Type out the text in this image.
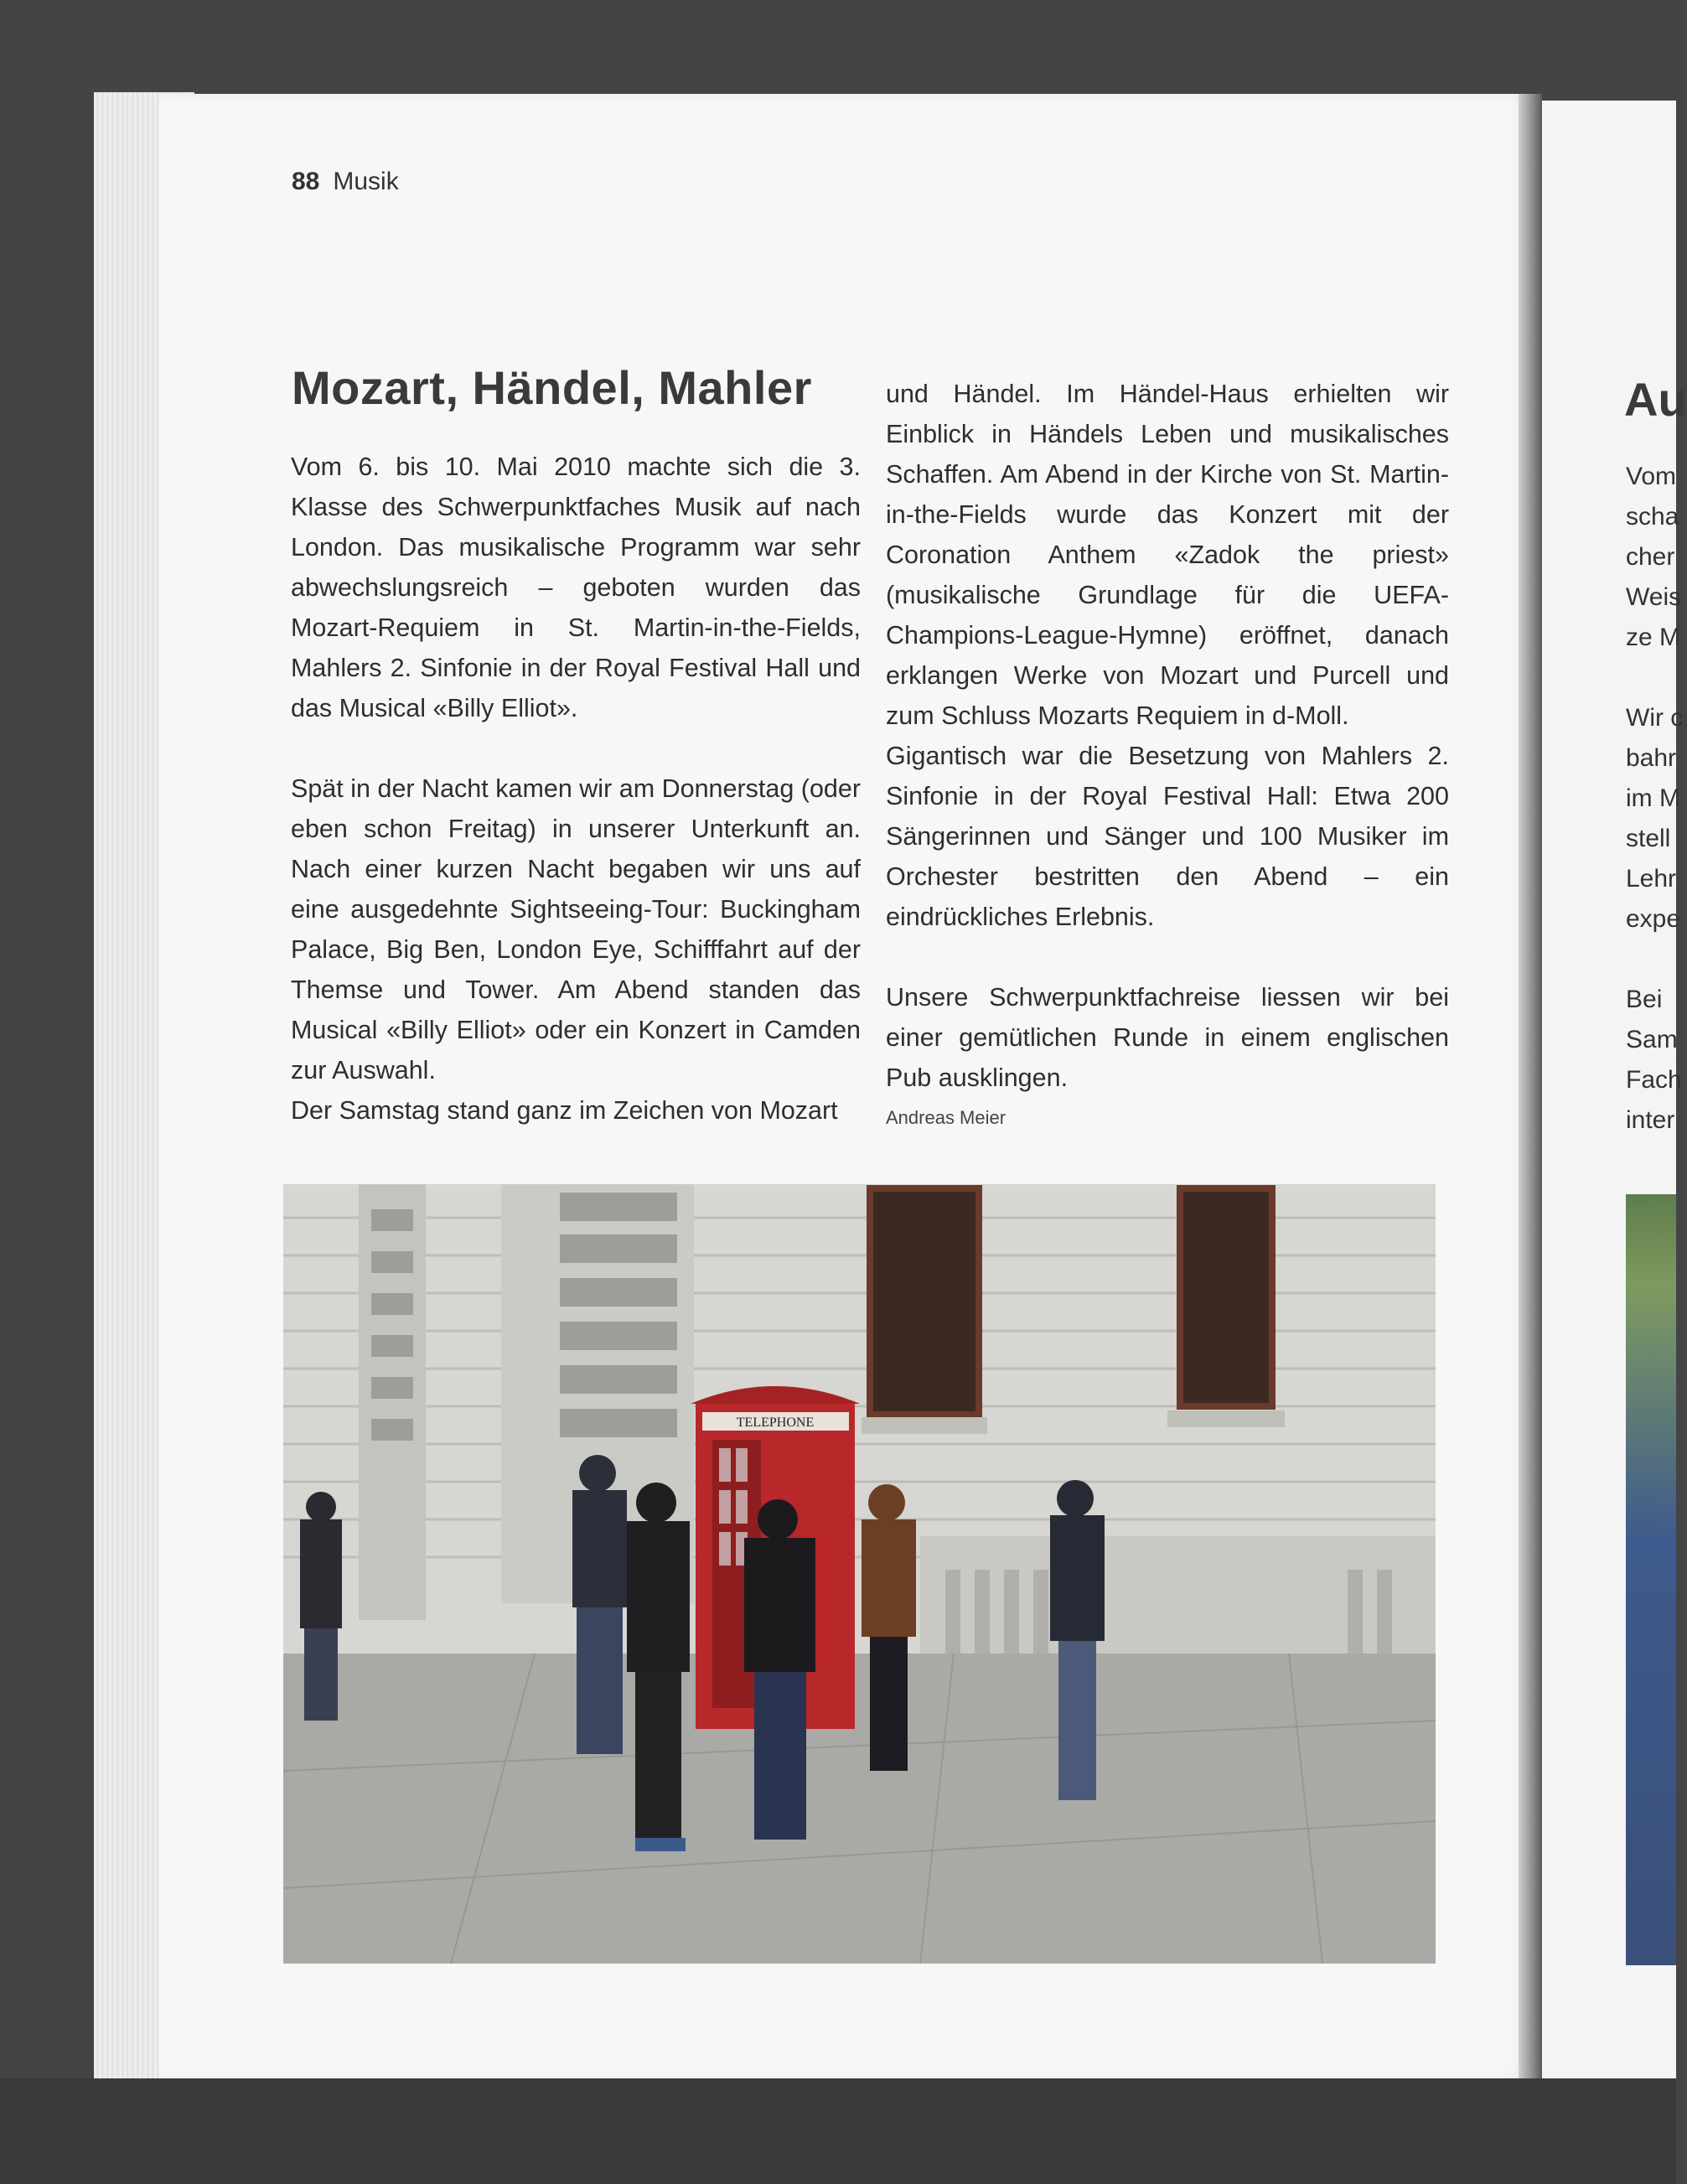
88 Musik
Mozart, Händel, Mahler

Vom 6. bis 10. Mai 2010 machte sich die 3. Klasse des Schwerpunktfaches Musik auf nach London. Das musikalische Programm war sehr abwechslungsreich – geboten wurden das Mozart-Requiem in St. Martin-in-the-Fields, Mahlers 2. Sinfonie in der Royal Festival Hall und das Musical «Billy Elliot».

Spät in der Nacht kamen wir am Donnerstag (oder eben schon Freitag) in unserer Unterkunft an. Nach einer kurzen Nacht begaben wir uns auf eine ausgedehnte Sightseeing-Tour: Buckingham Palace, Big Ben, London Eye, Schifffahrt auf der Themse und Tower. Am Abend standen das Musical «Billy Elliot» oder ein Konzert in Camden zur Auswahl.

Der Samstag stand ganz im Zeichen von Mozart

und Händel. Im Händel-Haus erhielten wir Einblick in Händels Leben und musikalisches Schaffen. Am Abend in der Kirche von St. Martin-in-the-Fields wurde das Konzert mit der Coronation Anthem «Zadok the priest» (musikalische Grundlage für die UEFA-Champions-League-Hymne) eröffnet, danach erklangen Werke von Mozart und Purcell und zum Schluss Mozarts Requiem in d-Moll.

Gigantisch war die Besetzung von Mahlers 2. Sinfonie in der Royal Festival Hall: Etwa 200 Sängerinnen und Sänger und 100 Musiker im Orchester bestritten den Abend – ein eindrückliches Erlebnis.

Unsere Schwerpunktfachreise liessen wir bei einer gemütlichen Runde in einem englischen Pub ausklingen.

Andreas Meier
TELEPHONE
Au
Vom
scha
cher
Weis
ze M
Wir c
bahr
im M
stell
Lehr
expe
Bei
Sam
Fach
inter
